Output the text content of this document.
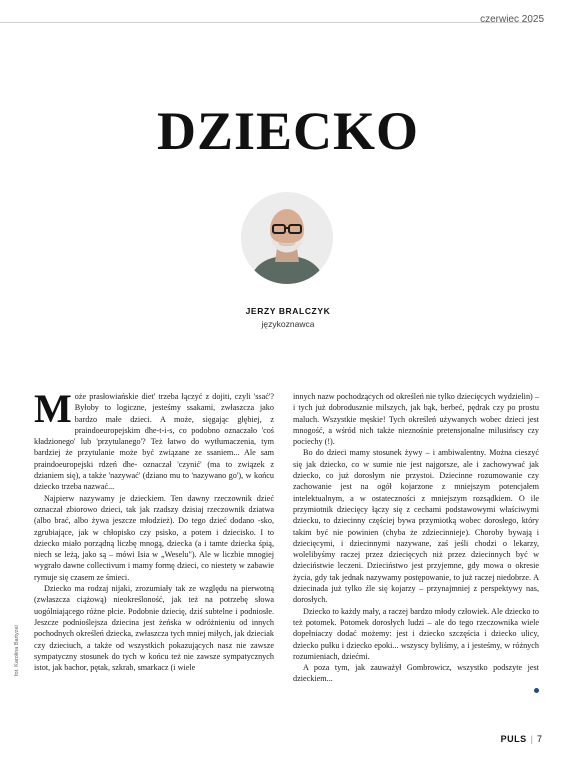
czerwiec 2025
DZIECKO
JERZY BRALCZYK
językoznawca

Może prasłowiańskie diet' trzeba łączyć z dojiti, czyli 'ssać'? Byłoby to logiczne, jesteśmy ssakami, zwłaszcza jako bardzo małe dzieci. A może, sięgając głębiej, z praindoeuropejskim dhe-t-i-s, co podobno oznaczało 'coś kładzionego' lub 'przytulanego'? Też łatwo do wytłumaczenia, tym bardziej że przytulanie może być związane ze ssaniem... Ale sam praindoeuropejski rdzeń dhe- oznaczał 'czynić' (ma to związek z dzianiem się), a także 'nazywać' (dziano mu to 'nazywano go'), w końcu dziecko trzeba nazwać...

Najpierw nazywamy je dzieckiem. Ten dawny rzeczownik dzieć oznaczał zbiorowo dzieci, tak jak rzadszy dzisiaj rzeczownik dziatwa (albo brać, albo żywa jeszcze młodzież). Do tego dzieć dodano -sko, zgrubiające, jak w chłopisko czy psisko, a potem i dziecisko. I to dziecko miało porządną liczbę mnogą, dziecka (a i tamte dziecka śpią, niech se leżą, jako są – mówi Isia w „Weselu"). Ale w liczbie mnogiej wygrało dawne collectivum i mamy formę dzieci, co niestety w zabawie rymuje się czasem ze śmieci.

Dziecko ma rodzaj nijaki, zrozumiały tak ze względu na pierwotną (zwłaszcza ciążową) nieokreśloność, jak też na potrzebę słowa uogólniającego różne płcie. Podobnie dziecię, dziś subtelne i podniosłe. Jeszcze podnioślejsza dziecina jest żeńska w odróżnieniu od innych pochodnych określeń dziecka, zwłaszcza tych mniej miłych, jak dzieciak czy dzieciuch, a także od wszystkich pokazujących nasz nie zawsze sympatyczny stosunek do tych w końcu też nie zawsze sympatycznych istot, jak bachor, pętak, szkrab, smarkacz (i wiele

innych nazw pochodzących od określeń nie tylko dziecięcych wydzielin) – i tych już dobrodusznie milszych, jak bąk, berbeć, pędrak czy po prostu maluch. Wszystkie męskie! Tych określeń używanych wobec dzieci jest mnogość, a wśród nich także nieznośnie pretensjonalne milusińscy czy pociechy (!).

Bo do dzieci mamy stosunek żywy – i ambiwalentny. Można cieszyć się jak dziecko, co w sumie nie jest najgorsze, ale i zachowywać jak dziecko, co już dorosłym nie przystoi. Dziecinne rozumowanie czy zachowanie jest na ogół kojarzone z mniejszym potencjałem intelektualnym, a w ostateczności z mniejszym rozsądkiem. O ile przymiotnik dziecięcy łączy się z cechami podstawowymi właściwymi dziecku, to dziecinny częściej bywa przymiotką wobec dorosłego, który takim być nie powinien (chyba że zdziecinnieje). Choroby bywają i dziecięcymi, i dziecinnymi nazywane, zaś jeśli chodzi o lekarzy, wolelibyśmy raczej przez dziecięcych niż przez dziecinnych być w dzieciństwie leczeni. Dzieciństwo jest przyjemne, gdy mowa o okresie życia, gdy tak jednak nazywamy postępowanie, to już raczej niedobrze. A dziecinada już tylko źle się kojarzy – przynajmniej z perspektywy nas, dorosłych.

Dziecko to każdy mały, a raczej bardzo młody człowiek. Ale dziecko to też potomek. Potomek dorosłych ludzi – ale do tego rzeczownika wiele dopełniaczy dodać możemy: jest i dziecko szczęścia i dziecko ulicy, dziecko pułku i dziecko epoki... wszyscy byliśmy, a i jesteśmy, w różnych rozumieniach, dziećmi.

A poza tym, jak zauważył Gombrowicz, wszystko podszyte jest dzieckiem...

fot. Karolina Bartyzel
PULS | 7
